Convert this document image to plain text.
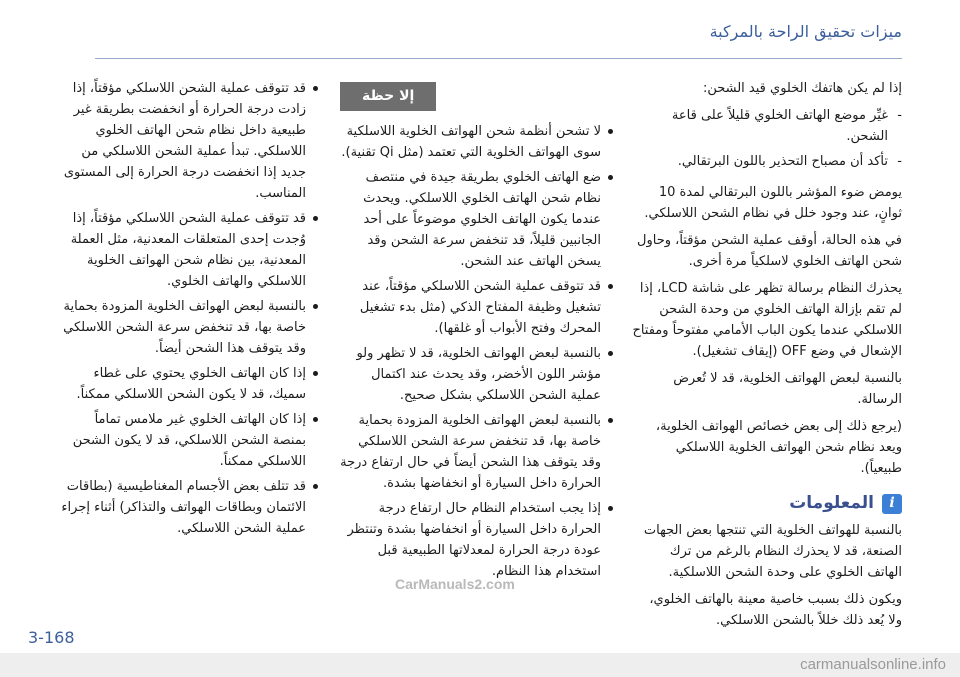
ميزات تحقيق الراحة بالمركبة

إذا لم يكن هاتفك الخلوي قيد الشحن:

- غيِّر موضع الهاتف الخلوي قليلاً على قاعة الشحن.
- تأكد أن مصباح التحذير باللون البرتقالي.

يومض ضوء المؤشر باللون البرتقالي لمدة 10 ثوانٍ، عند وجود خلل في نظام الشحن اللاسلكي.

في هذه الحالة، أوقف عملية الشحن مؤقتاً، وحاول شحن الهاتف الخلوي لاسلكياً مرة أخرى.

يحذرك النظام برسالة تظهر على شاشة LCD، إذا لم تقم بإزالة الهاتف الخلوي من وحدة الشحن اللاسلكي عندما يكون الباب الأمامي مفتوحاً ومفتاح الإشعال في وضع OFF (إيقاف تشغيل).

بالنسبة لبعض الهواتف الخلوية، قد لا تُعرض الرسالة.

(يرجع ذلك إلى بعض خصائص الهواتف الخلوية، ويعد نظام شحن الهواتف الخلوية اللاسلكي طبيعياً).

i
المعلومات

بالنسبة للهواتف الخلوية التي تنتجها بعض الجهات الصنعة، قد لا يحذرك النظام بالرغم من ترك الهاتف الخلوي على وحدة الشحن اللاسلكية.

ويكون ذلك بسبب خاصية معينة بالهاتف الخلوي، ولا يُعد ذلك خللاً بالشحن اللاسلكي.

إلا حظة
لا تشحن أنظمة شحن الهواتف الخلوية اللاسلكية سوى الهواتف الخلوية التي تعتمد (مثل Qi تقنية).
ضع الهاتف الخلوي بطريقة جيدة في منتصف نظام شحن الهاتف الخلوي اللاسلكي. ويحدث عندما يكون الهاتف الخلوي موضوعاً على أحد الجانبين قليلاً، قد تنخفض سرعة الشحن وقد يسخن الهاتف عند الشحن.
قد تتوقف عملية الشحن اللاسلكي مؤقتاً، عند تشغيل وظيفة المفتاح الذكي (مثل بدء تشغيل المحرك وفتح الأبواب أو غلقها).
بالنسبة لبعض الهواتف الخلوية، قد لا تظهر ولو مؤشر اللون الأخضر، وقد يحدث عند اكتمال عملية الشحن اللاسلكي بشكل صحيح.
بالنسبة لبعض الهواتف الخلوية المزودة بحماية خاصة بها، قد تنخفض سرعة الشحن اللاسلكي وقد يتوقف هذا الشحن أيضاً في حال ارتفاع درجة الحرارة داخل السيارة أو انخفاضها بشدة.
إذا يجب استخدام النظام حال ارتفاع درجة الحرارة داخل السيارة أو انخفاضها بشدة وتنتظر عودة درجة الحرارة لمعدلاتها الطبيعية قبل استخدام هذا النظام.
قد تتوقف عملية الشحن اللاسلكي مؤقتاً، إذا زادت درجة الحرارة أو انخفضت بطريقة غير طبيعية داخل نظام شحن الهاتف الخلوي اللاسلكي. تبدأ عملية الشحن اللاسلكي من جديد إذا انخفضت درجة الحرارة إلى المستوى المناسب.
قد تتوقف عملية الشحن اللاسلكي مؤقتاً، إذا وُجدت إحدى المتعلقات المعدنية، مثل العملة المعدنية، بين نظام شحن الهواتف الخلوية اللاسلكي والهاتف الخلوي.
بالنسبة لبعض الهواتف الخلوية المزودة بحماية خاصة بها، قد تنخفض سرعة الشحن اللاسلكي وقد يتوقف هذا الشحن أيضاً.
إذا كان الهاتف الخلوي يحتوي على غطاء سميك، قد لا يكون الشحن اللاسلكي ممكناً.
إذا كان الهاتف الخلوي غير ملامس تماماً بمنصة الشحن اللاسلكي، قد لا يكون الشحن اللاسلكي ممكناً.
قد تتلف بعض الأجسام المغناطيسية (بطاقات الائتمان وبطاقات الهواتف والتذاكر) أثناء إجراء عملية الشحن اللاسلكي.
CarManuals2.com
3-168
carmanualsonline.info
